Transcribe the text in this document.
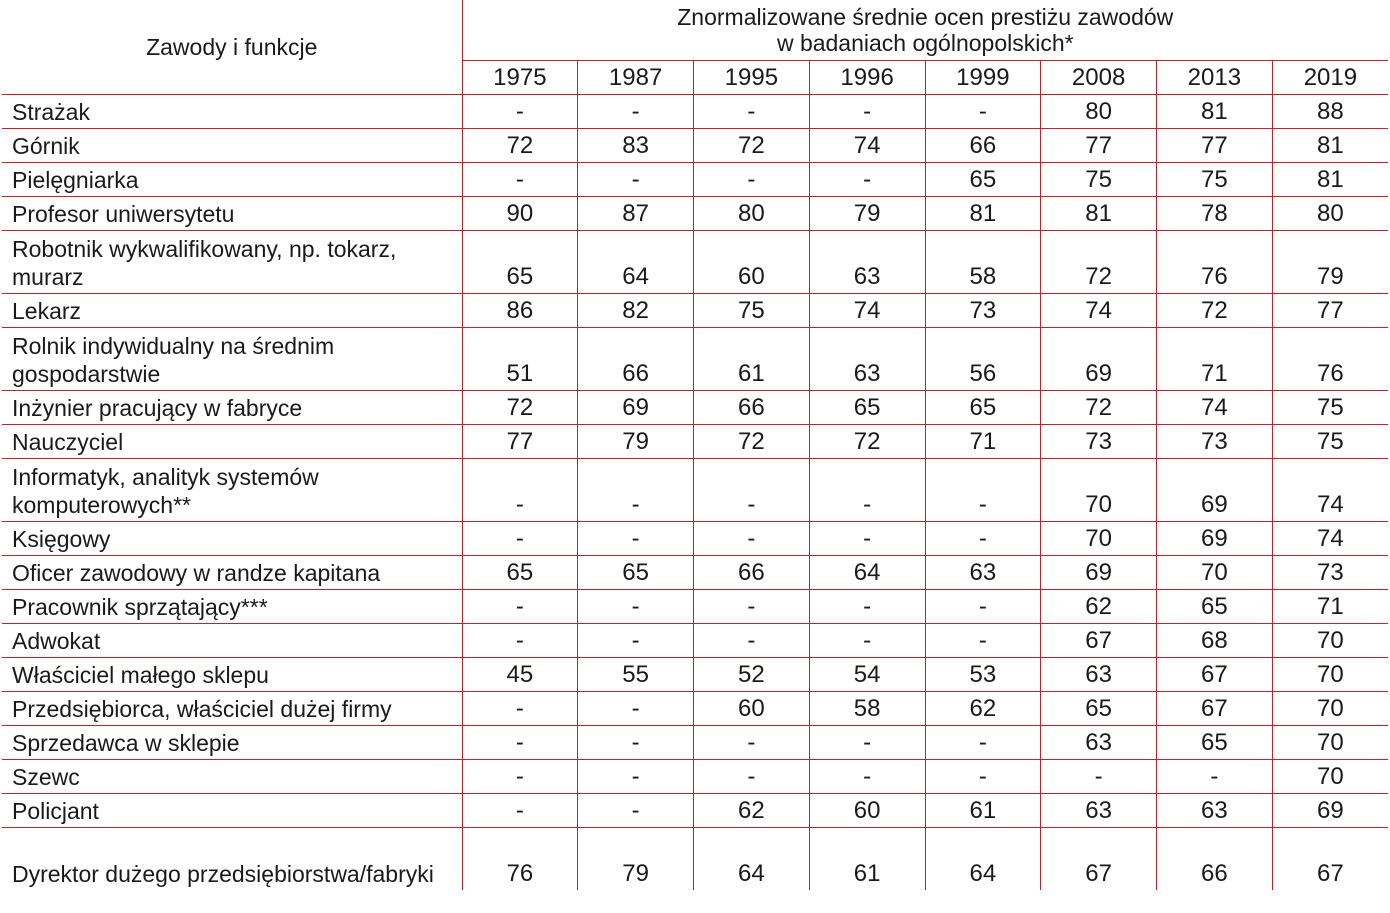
Zawody i funkcje	Znormalizowane średnie ocen prestiżu zawodów
w badaniach ogólnopolskich*							

	1975	1987	1995	1996	1999	2008	2013	2019
Strażak	-	-	-	-	-	80	81	88
Górnik	72	83	72	74	66	77	77	81
Pielęgniarka	-	-	-	-	65	75	75	81
Profesor uniwersytetu	90	87	80	79	81	81	78	80
Robotnik wykwalifikowany, np. tokarz, murarz	65	64	60	63	58	72	76	79
Lekarz	86	82	75	74	73	74	72	77
Rolnik indywidualny na średnim gospodarstwie	51	66	61	63	56	69	71	76
Inżynier pracujący w fabryce	72	69	66	65	65	72	74	75
Nauczyciel	77	79	72	72	71	73	73	75
Informatyk, analityk systemów komputerowych**	-	-	-	-	-	70	69	74
Księgowy	-	-	-	-	-	70	69	74
Oficer zawodowy w randze kapitana	65	65	66	64	63	69	70	73
Pracownik sprzątający***	-	-	-	-	-	62	65	71
Adwokat	-	-	-	-	-	67	68	70
Właściciel małego sklepu	45	55	52	54	53	63	67	70
Przedsiębiorca, właściciel dużej firmy	-	-	60	58	62	65	67	70
Sprzedawca w sklepie	-	-	-	-	-	63	65	70
Szewc	-	-	-	-	-	-	-	70
Policjant	-	-	62	60	61	63	63	69
Dyrektor dużego przedsiębiorstwa/fabryki	76	79	64	61	64	67	66	67
